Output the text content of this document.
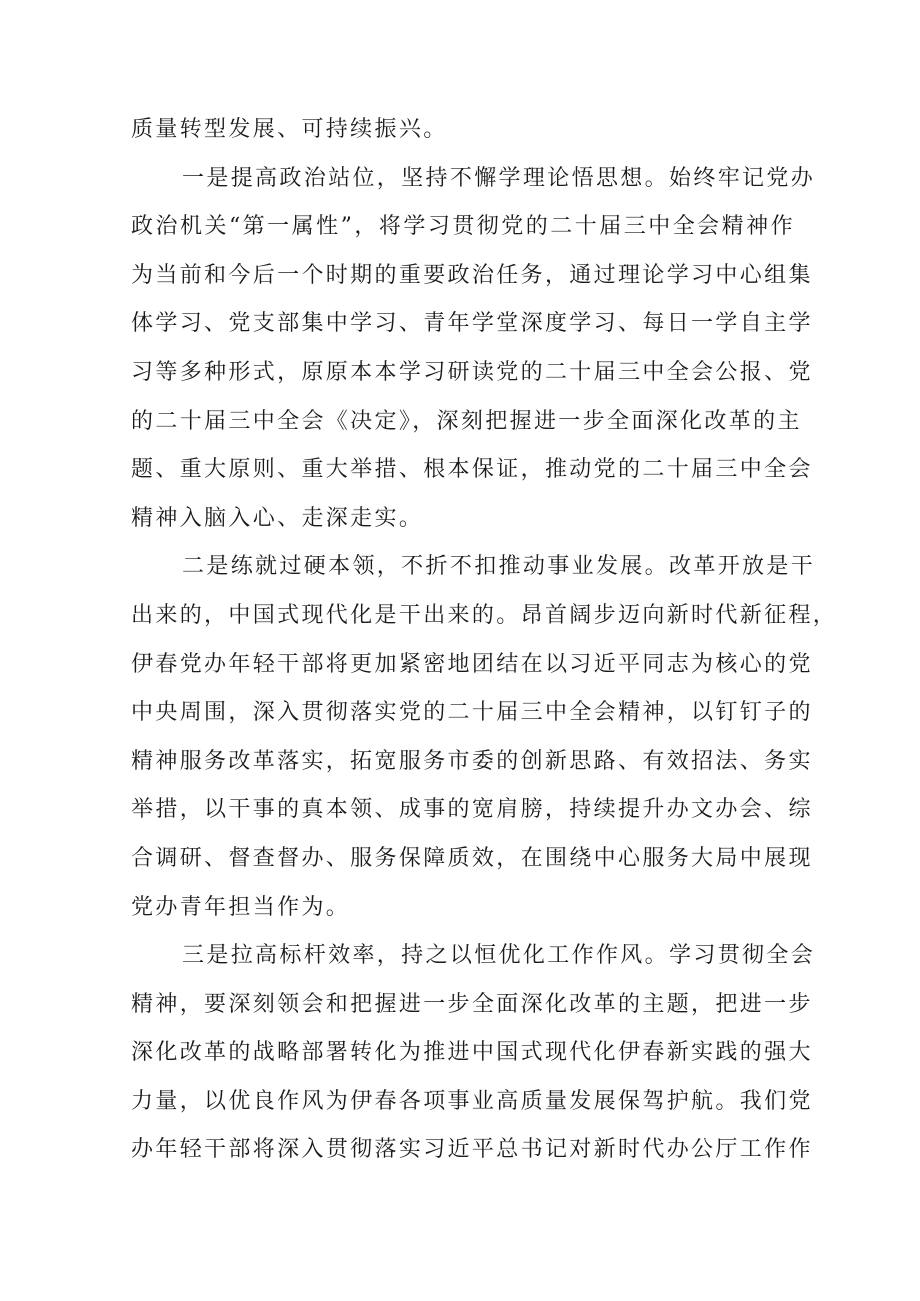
质量转型发展、可持续振兴。
一是提高政治站位，坚持不懈学理论悟思想。始终牢记党办
政治机关“第一属性”，将学习贯彻党的二十届三中全会精神作
为当前和今后一个时期的重要政治任务，通过理论学习中心组集
体学习、党支部集中学习、青年学堂深度学习、每日一学自主学
习等多种形式，原原本本学习研读党的二十届三中全会公报、党
的二十届三中全会《决定》，深刻把握进一步全面深化改革的主
题、重大原则、重大举措、根本保证，推动党的二十届三中全会
精神入脑入心、走深走实。
二是练就过硬本领，不折不扣推动事业发展。改革开放是干
出来的，中国式现代化是干出来的。昂首阔步迈向新时代新征程，
伊春党办年轻干部将更加紧密地团结在以习近平同志为核心的党
中央周围，深入贯彻落实党的二十届三中全会精神，以钉钉子的
精神服务改革落实，拓宽服务市委的创新思路、有效招法、务实
举措，以干事的真本领、成事的宽肩膀，持续提升办文办会、综
合调研、督查督办、服务保障质效，在围绕中心服务大局中展现
党办青年担当作为。
三是拉高标杆效率，持之以恒优化工作作风。学习贯彻全会
精神，要深刻领会和把握进一步全面深化改革的主题，把进一步
深化改革的战略部署转化为推进中国式现代化伊春新实践的强大
力量，以优良作风为伊春各项事业高质量发展保驾护航。我们党
办年轻干部将深入贯彻落实习近平总书记对新时代办公厅工作作
